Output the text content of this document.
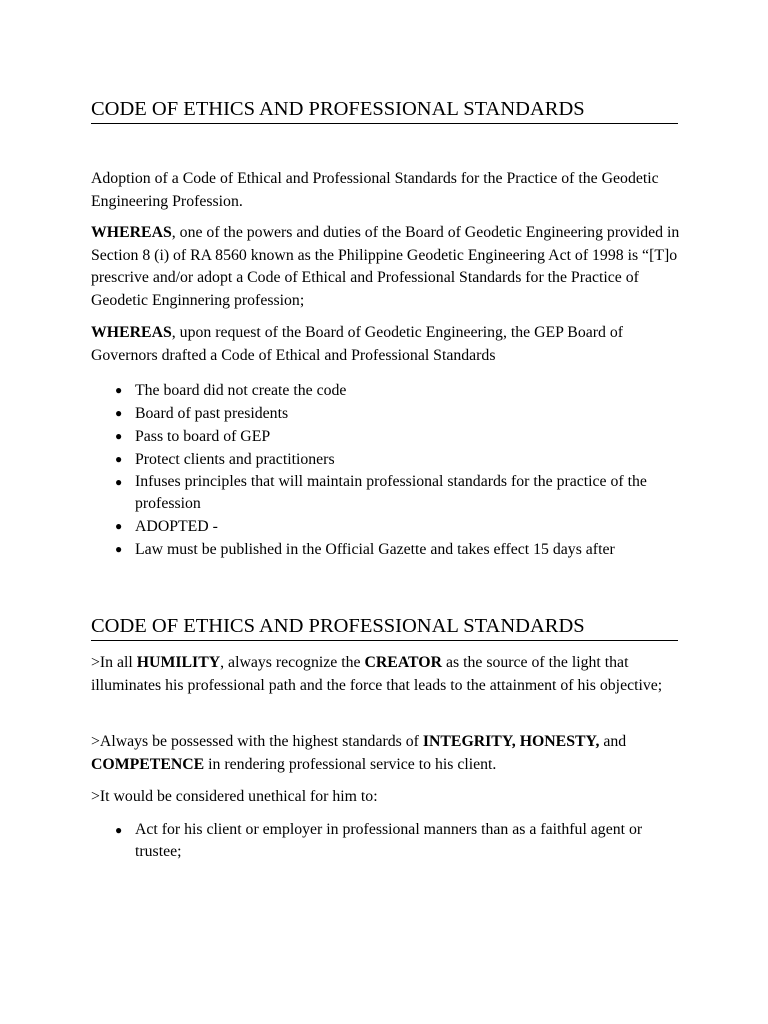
CODE OF ETHICS AND PROFESSIONAL STANDARDS
Adoption of a Code of Ethical and Professional Standards for the Practice of the Geodetic Engineering Profession.
WHEREAS, one of the powers and duties of the Board of Geodetic Engineering provided in Section 8 (i) of RA 8560 known as the Philippine Geodetic Engineering Act of 1998 is “[T]o prescrive and/or adopt a Code of Ethical and Professional Standards for the Practice of Geodetic Enginnering profession;
WHEREAS, upon request of the Board of Geodetic Engineering, the GEP Board of Governors drafted a Code of Ethical and Professional Standards
● The board did not create the code
● Board of past presidents
● Pass to board of GEP
● Protect clients and practitioners
● Infuses principles that will maintain professional standards for the practice of the profession
● ADOPTED -
● Law must be published in the Official Gazette and takes effect 15 days after
CODE OF ETHICS AND PROFESSIONAL STANDARDS
>In all HUMILITY, always recognize the CREATOR as the source of the light that illuminates his professional path and the force that leads to the attainment of his objective;
>Always be possessed with the highest standards of INTEGRITY, HONESTY, and COMPETENCE in rendering professional service to his client.
>It would be considered unethical for him to:
● Act for his client or employer in professional manners than as a faithful agent or trustee;
